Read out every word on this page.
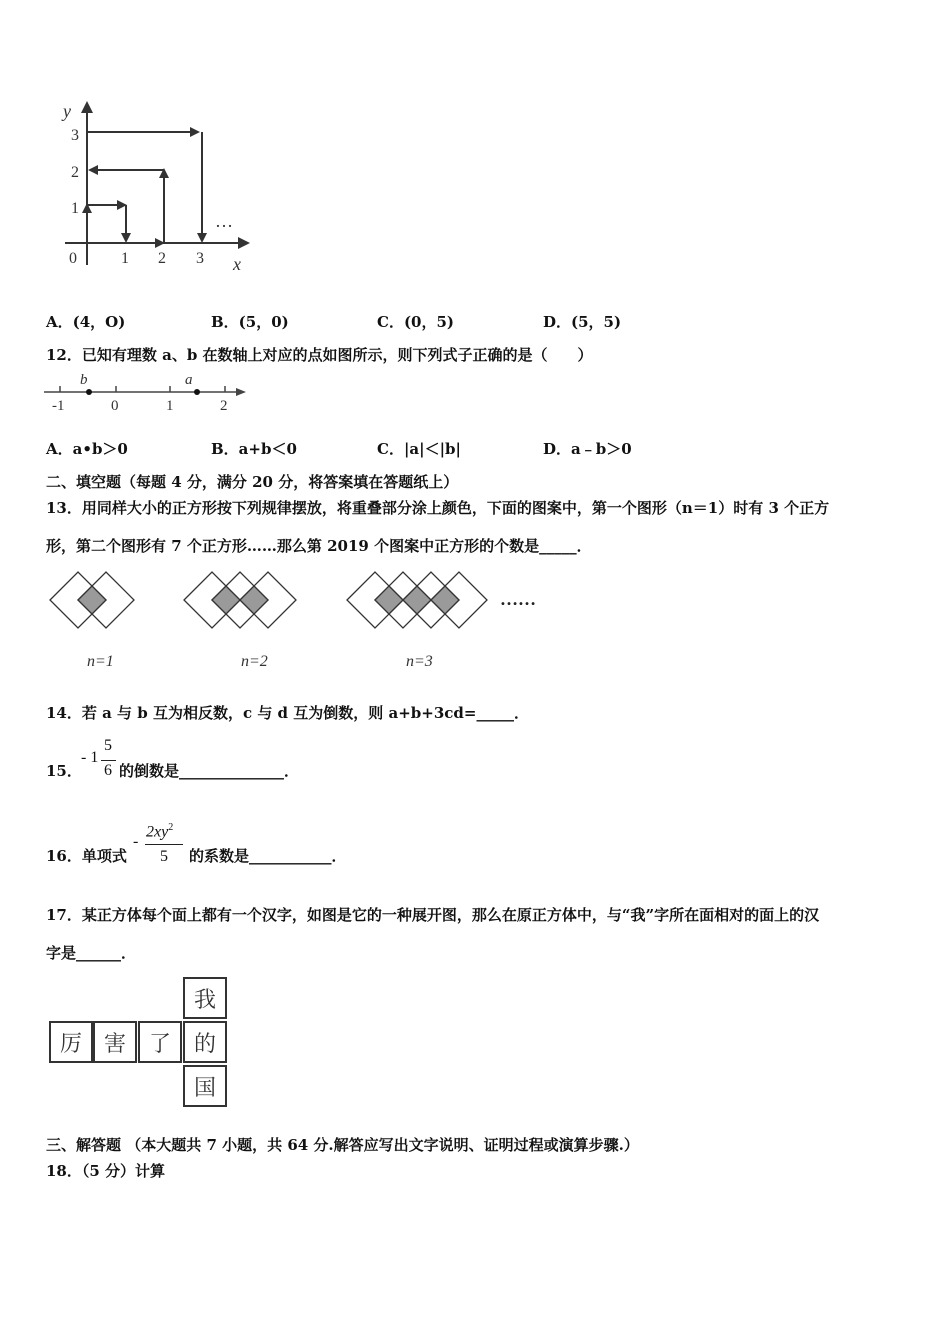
y
x
0	1 2 3
1
2
3
…
A．(4，O)	B．(5，0)	C．(0，5)	D．(5，5)
12．已知有理数 a、b 在数轴上对应的点如图所示，则下列式子正确的是（　　）
b	a
-1	0	1	2
A．a•b＞0	B．a+b＜0	C．|a|＜|b|	D．a﹣b＞0
二、填空题（每题 4 分，满分 20 分，将答案填在答题纸上）
13．用同样大小的正方形按下列规律摆放，将重叠部分涂上颜色，下面的图案中，第一个图形（n＝1）时有 3 个正方
形，第二个图形有 7 个正方形……那么第 2019 个图案中正方形的个数是_____．
……
n=1	n=2	n=3
14．若 a 与 b 互为相反数，c 与 d 互为倒数，则 a+b+3cd=_____．
15．
- 1
5
6 的倒数是______________．
16．单项式
-
$2xy^2$
5 的系数是___________．
17．某正方体每个面上都有一个汉字，如图是它的一种展开图，那么在原正方体中，与“我”字所在面相对的面上的汉
字是______．
我
厉 害	了	的
国
三、解答题 （本大题共 7 小题，共 64 分.解答应写出文字说明、证明过程或演算步骤.）
18．（5 分）计算
